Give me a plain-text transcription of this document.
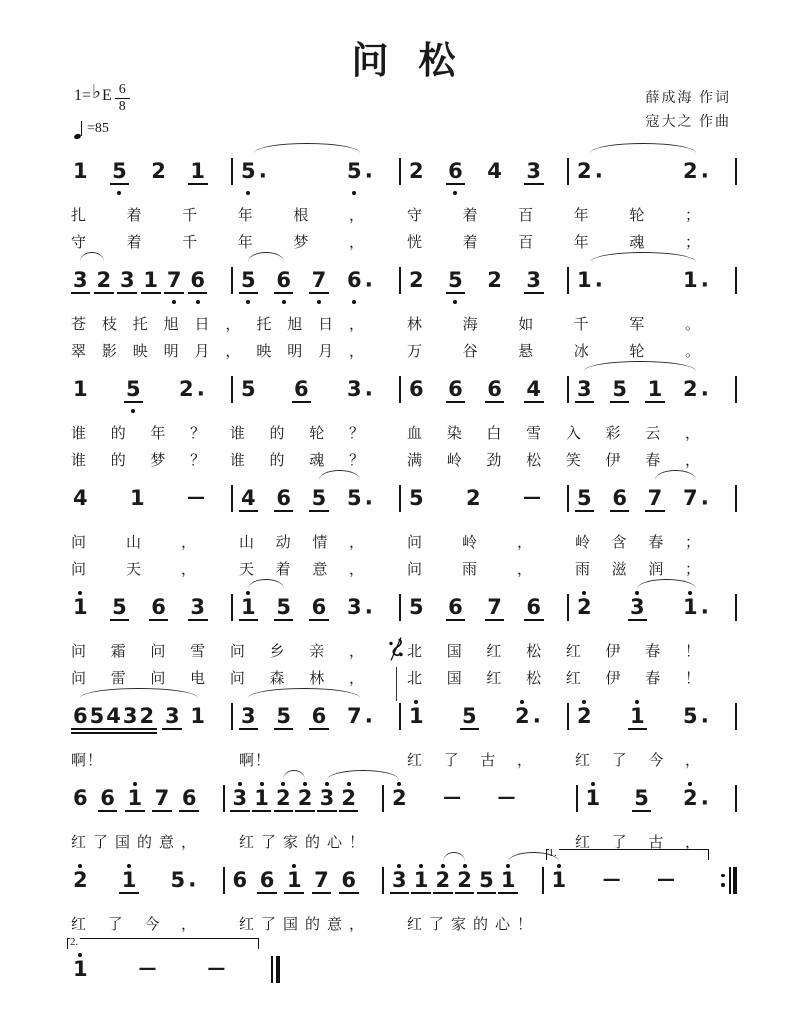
问松
1= ♭ E $\frac{6}{8}$
=85
薛成海 作词
寇大之 作曲
1 5 2 1 5 ·	5 · 2 6 4 3 2 ·	2 ·
扎着千年根，	守着百年轮；
守着千年梦，	恍着百年魂；
3 2 3 1 7 6 5 6 7 6 · 2 5 2 3 1 ·	1 ·
苍枝托旭日，托旭日，	林海如千军。
翠影映明月，映明月，	万谷悬冰轮。
1 5 2 · 5 6 3 · 6 6 6 4 3 5 1 2 ·
谁的年？谁的轮？	血染白雪入彩云，
谁的梦？谁的魂？	满岭劲松笑伊春，
4 1 — 4 6 5 5 · 5 2 — 5 6 7 7 ·
问山，	山动情，	问岭，	岭含春；
问天，	天着意，	问雨，	雨滋润；
1 5 6 3 1 5 6 3 · 5 6 7 6 2 3 1 ·
问霜问雪问乡亲，	北国红松红伊春！
问雷问电问森林，	北国红松红伊春！
6 5 4 3 2 3 1 3 5 6 7 · 1 5 2 · 2 1 5 ·
啊！	啊！	红了古，	红了今，
6 6 1 7 6 3 1 2 2 3 2 2 — —	1 5 2 ·
红了国的意，	红了家的心！	红了古，
2 1 5 · 6 6 1 7 6 3 1 2 2 5 1
1.
1 — —
红了今，	红了国的意，	红了家的心！
2.
1	—	—
